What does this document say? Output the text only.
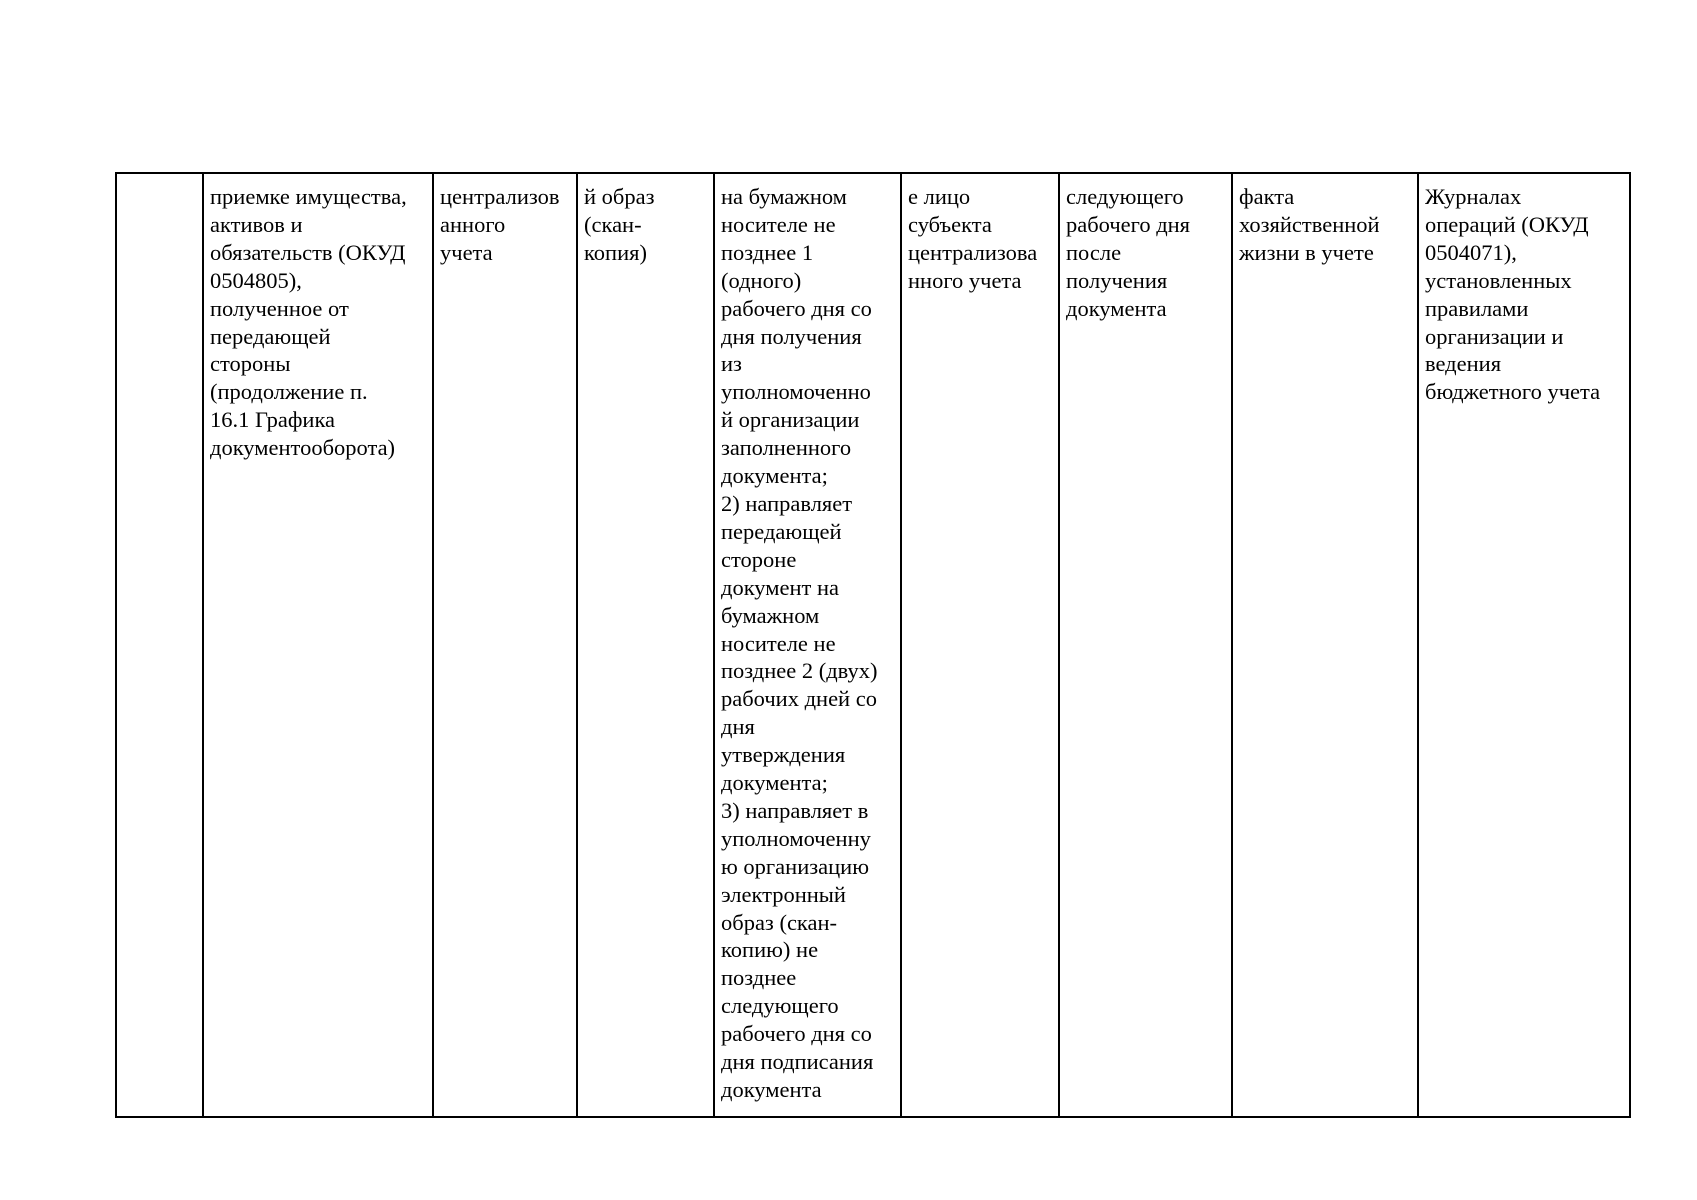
	приемке имущества,
активов и
обязательств (ОКУД
0504805),
полученное от
передающей
стороны
(продолжение п.
16.1 Графика
документооборота)	централизов
анного
учета	й образ
(скан-
копия)	на бумажном
носителе не
позднее 1
(одного)
рабочего дня со
дня получения
из
уполномоченно
й организации
заполненного
документа;
2) направляет
передающей
стороне
документ на
бумажном
носителе не
позднее 2 (двух)
рабочих дней со
дня
утверждения
документа;
3) направляет в
уполномоченну
ю организацию
электронный
образ (скан-
копию) не
позднее
следующего
рабочего дня со
дня подписания
документа	е лицо
субъекта
централизова
нного учета	следующего
рабочего дня
после
получения
документа	факта
хозяйственной
жизни в учете	Журналах
операций (ОКУД
0504071),
установленных
правилами
организации и
ведения
бюджетного учета
